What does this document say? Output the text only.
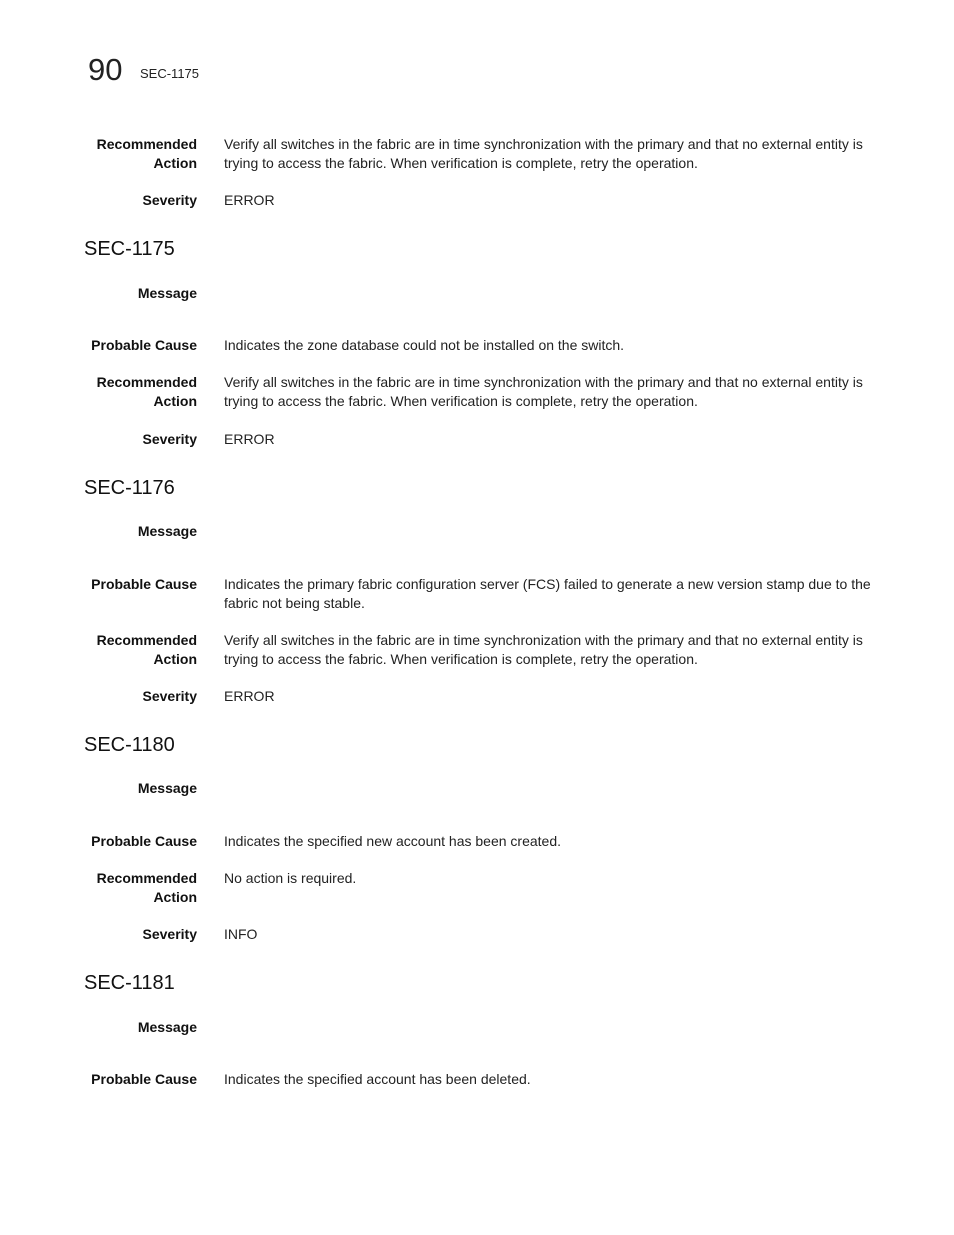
90 SEC-1175
Recommended Action
Verify all switches in the fabric are in time synchronization with the primary and that no external entity is trying to access the fabric. When verification is complete, retry the operation.
Severity ERROR
SEC-1175
Message
Probable Cause Indicates the zone database could not be installed on the switch.
Recommended Action
Verify all switches in the fabric are in time synchronization with the primary and that no external entity is trying to access the fabric. When verification is complete, retry the operation.
Severity ERROR
SEC-1176
Message
Probable Cause Indicates the primary fabric configuration server (FCS) failed to generate a new version stamp due to the fabric not being stable.
Recommended Action
Verify all switches in the fabric are in time synchronization with the primary and that no external entity is trying to access the fabric. When verification is complete, retry the operation.
Severity ERROR
SEC-1180
Message
Probable Cause Indicates the specified new account has been created.
Recommended Action
No action is required.
Severity INFO
SEC-1181
Message
Probable Cause Indicates the specified account has been deleted.
